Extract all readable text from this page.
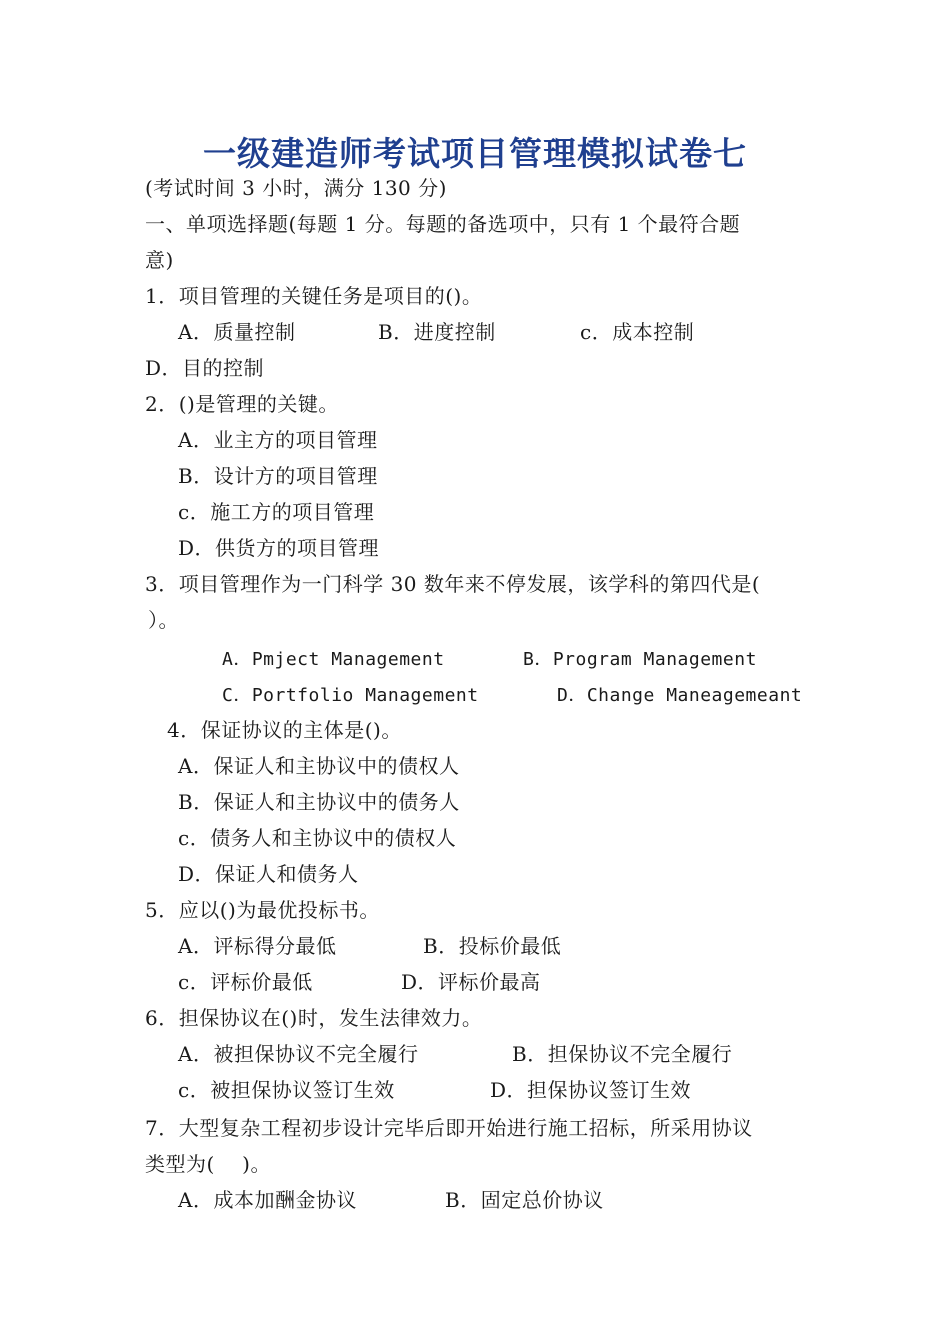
一级建造师考试项目管理模拟试卷七
(考试时间 3 小时，满分 130 分)
一、单项选择题(每题 1 分。每题的备选项中，只有 1 个最符合题
意)
1．项目管理的关键任务是项目的()。
A．质量控制	B．进度控制	c．成本控制
D．目的控制
2．()是管理的关键。
A．业主方的项目管理
B．设计方的项目管理
c．施工方的项目管理
D．供货方的项目管理
3．项目管理作为一门科学 30 数年来不停发展，该学科的第四代是(
）。
A．Pmject Management	B．Program Management
C．Portfolio Management	D．Change Maneagemeant
4．保证协议的主体是()。
A．保证人和主协议中的债权人
B．保证人和主协议中的债务人
c．债务人和主协议中的债权人
D．保证人和债务人
5．应以()为最优投标书。
A．评标得分最低	B．投标价最低
c．评标价最低	D．评标价最高
6．担保协议在()时，发生法律效力。
A．被担保协议不完全履行	B．担保协议不完全履行
c．被担保协议签订生效	D．担保协议签订生效
7．大型复杂工程初步设计完毕后即开始进行施工招标，所采用协议
类型为(　 )。
A．成本加酬金协议	B．固定总价协议
